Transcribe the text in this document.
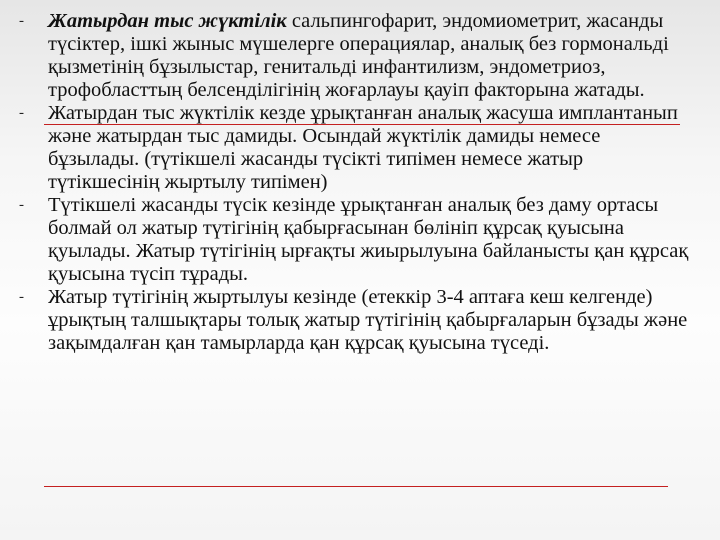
- Жатырдан тыс жүктілік сальпингофарит, эндомиометрит, жасанды түсіктер, ішкі жыныс мүшелерге операциялар, аналық без гормональді қызметінің бұзылыстар, генитальді инфантилизм, эндометриоз, трофобласттың белсенділігінің жоғарлауы қауіп факторына жатады.
- Жатырдан тыс жүктілік кезде ұрықтанған аналық жасуша имплантанып және жатырдан тыс дамиды. Осындай жүктілік дамиды немесе бұзылады. (түтікшелі жасанды түсікті типімен немесе жатыр түтікшесінің жыртылу типімен)
- Түтікшелі жасанды түсік кезінде ұрықтанған аналық без даму ортасы болмай ол жатыр түтігінің қабырғасынан бөлініп құрсақ қуысына қуылады. Жатыр түтігінің ырғақты жиырылуына байланысты қан құрсақ қуысына түсіп тұрады.
- Жатыр түтігінің жыртылуы кезінде (етеккір 3-4 аптаға кеш келгенде) ұрықтың талшықтары толық жатыр түтігінің қабырғаларын бұзады және зақымдалған қан тамырларда қан құрсақ қуысына түседі.
